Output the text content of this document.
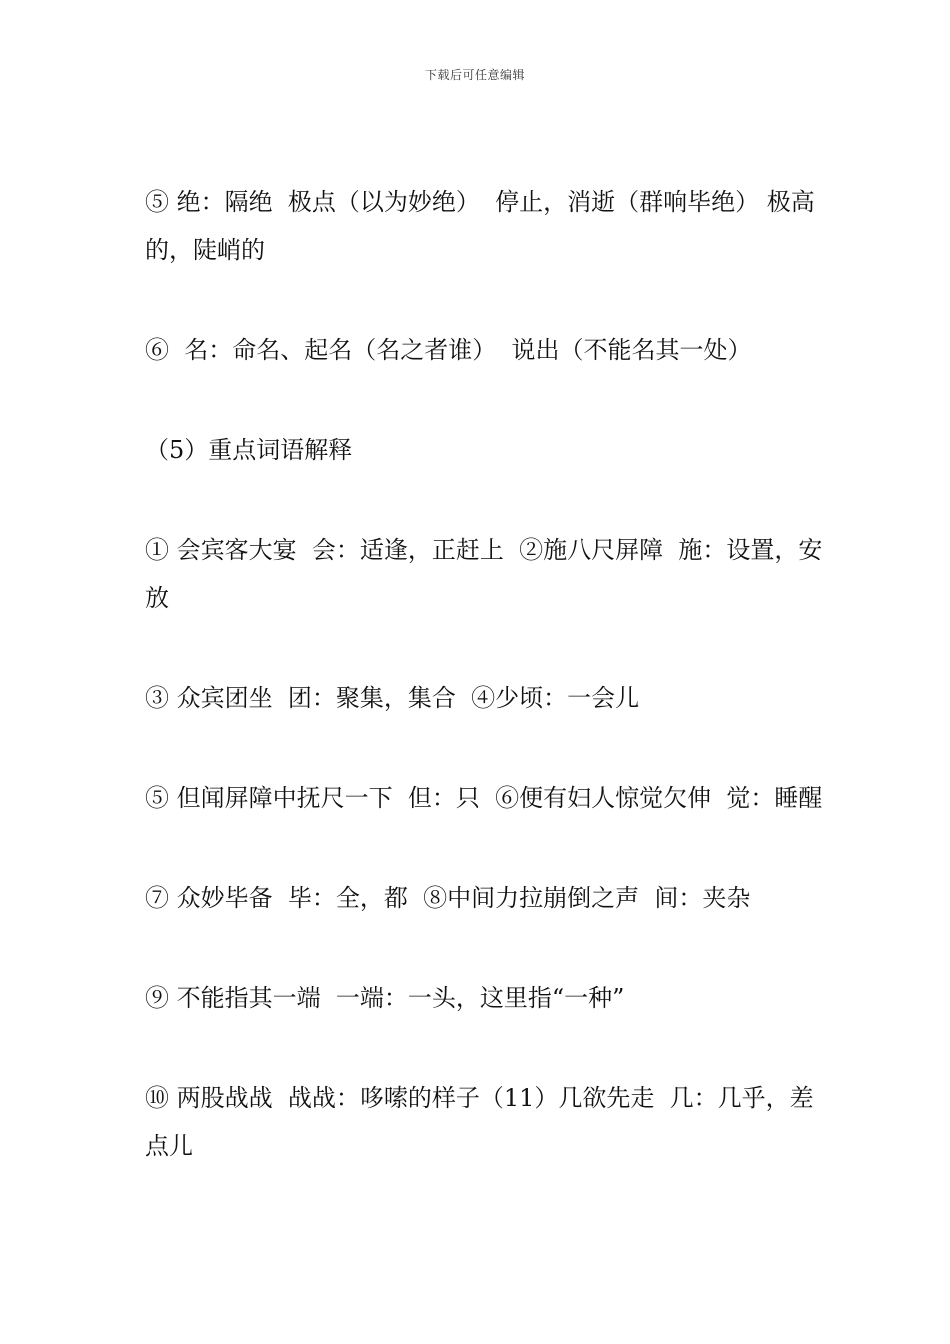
下载后可任意编辑

⑤ 绝：隔绝  极点（以为妙绝）  停止，消逝（群响毕绝） 极高的，陡峭的

⑥  名：命名、起名（名之者谁）  说出（不能名其一处）

（5）重点词语解释

① 会宾客大宴  会：适逢，正赶上  ②施八尺屏障  施：设置，安放

③ 众宾团坐  团：聚集，集合  ④少顷：一会儿

⑤ 但闻屏障中抚尺一下  但：只  ⑥便有妇人惊觉欠伸  觉：睡醒

⑦ 众妙毕备  毕：全，都  ⑧中间力拉崩倒之声  间：夹杂

⑨ 不能指其一端  一端：一头，这里指“一种”

⑩ 两股战战  战战：哆嗦的样子（11）几欲先走  几：几乎，差点儿
